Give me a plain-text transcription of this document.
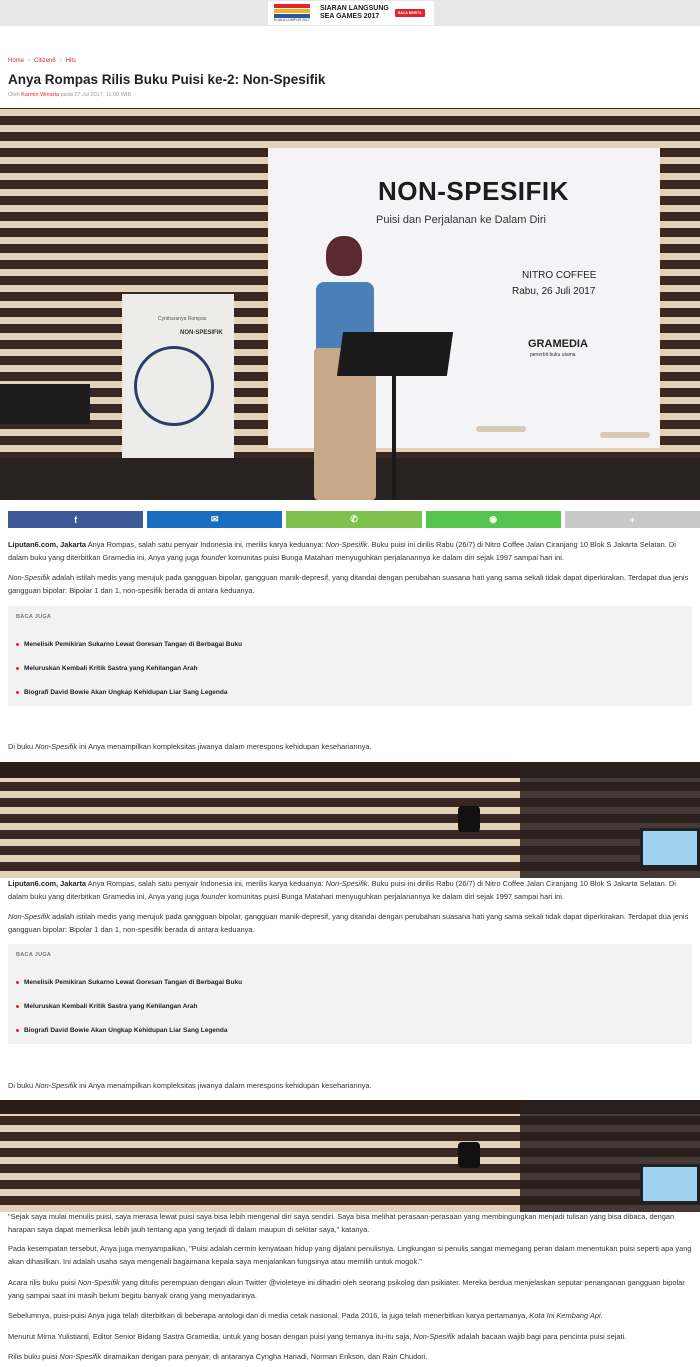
KUALA LUMPUR 2017
SIARAN LANGSUNG
SEA GAMES 2017	BACA BERITA
Home › Citizen6 › Hits
Anya Rompas Rilis Buku Puisi ke-2: Non-Spesifik
Oleh Karmin Winarta pada 27 Jul 2017, 11:00 WIB
NON-SPESIFIK
Puisi dan Perjalanan ke Dalam Diri
NITRO COFFEE
Rabu, 26 Juli 2017
GRAMEDIA
penerbit buku utama
Cyntharanya Rompas
NON-SPESIFIK
f	✉	✆	◉	+

Liputan6.com, Jakarta Anya Rompas, salah satu penyair Indonesia ini, merilis karya keduanya: Non-Spesifik. Buku puisi ini dirilis Rabu (26/7) di Nitro Coffee Jalan Ciranjang 10 Blok S Jakarta Selatan. Di dalam buku yang diterbitkan Gramedia ini, Anya yang juga founder komunitas puisi Bunga Matahari menyuguhkan perjalanannya ke dalam diri sejak 1997 sampai hari ini.

Non-Spesifik adalah istilah medis yang merujuk pada gangguan bipolar, gangguan manik-depresif, yang ditandai dengan perubahan suasana hati yang sama sekali tidak dapat diperkirakan. Terdapat dua jenis gangguan bipolar: Bipolar 1 dan 1, non-spesifik berada di antara keduanya.

BACA JUGA
Menelisik Pemikiran Sukarno Lewat Goresan Tangan di Berbagai Buku
Meluruskan Kembali Kritik Sastra yang Kehilangan Arah
Biografi David Bowie Akan Ungkap Kehidupan Liar Sang Legenda

Di buku Non-Spesifik ini Anya menampilkan kompleksitas jiwanya dalam merespons kehidupan kesehariannya.

Liputan6.com, Jakarta Anya Rompas, salah satu penyair Indonesia ini, merilis karya keduanya: Non-Spesifik. Buku puisi ini dirilis Rabu (26/7) di Nitro Coffee Jalan Ciranjang 10 Blok S Jakarta Selatan. Di dalam buku yang diterbitkan Gramedia ini, Anya yang juga founder komunitas puisi Bunga Matahari menyuguhkan perjalanannya ke dalam diri sejak 1997 sampai hari ini.

Non-Spesifik adalah istilah medis yang merujuk pada gangguan bipolar, gangguan manik-depresif, yang ditandai dengan perubahan suasana hati yang sama sekali tidak dapat diperkirakan. Terdapat dua jenis gangguan bipolar: Bipolar 1 dan 1, non-spesifik berada di antara keduanya.

BACA JUGA
Menelisik Pemikiran Sukarno Lewat Goresan Tangan di Berbagai Buku
Meluruskan Kembali Kritik Sastra yang Kehilangan Arah
Biografi David Bowie Akan Ungkap Kehidupan Liar Sang Legenda

Di buku Non-Spesifik ini Anya menampilkan kompleksitas jiwanya dalam merespons kehidupan kesehariannya.

"Sejak saya mulai menulis puisi, saya merasa lewat puisi saya bisa lebih mengenal diri saya sendiri. Saya bisa melihat perasaan-perasaan yang membingungkan menjadi tulisan yang bisa dibaca, dengan harapan saya dapat memeriksa lebih jauh tentang apa yang terjadi di dalam maupun di sekitar saya," katanya.

Pada kesempatan tersebut, Anya juga menyampaikan, "Puisi adalah cermin kenyataan hidup yang dijalani penulisnya. Lingkungan si penulis sangat memegang peran dalam menentukan puisi seperti apa yang akan dihasilkan. Ini adalah usaha saya mengenali bagaimana kepala saya menjalankan fungsinya atau memilih untuk mogok."

Acara rilis buku puisi Non-Spesifik yang ditulis perempuan dengan akun Twitter @violeteye ini dihadiri oleh seorang psikolog dan psikiater. Mereka berdua menjelaskan seputar penanganan gangguan bipolar yang sampai saat ini masih belum begitu banyak orang yang menyadarinya.

Sebelumnya, puisi-puisi Anya juga telah diterbitkan di beberapa antologi dan di media cetak nasional. Pada 2016, ia juga telah menerbitkan karya pertamanya, Kota Ini Kembang Api.

Menurut Mirna Yulistianti, Editor Senior Bidang Sastra Gramedia, untuk yang bosan dengan puisi yang temanya itu-itu saja, Non-Spesifik adalah bacaan wajib bagi para pencinta puisi sejati.

Rilis buku puisi Non-Spesifik diramaikan dengan para penyair, di antaranya Cyngha Hariadi, Norman Erikson, dan Rain Chudori.
